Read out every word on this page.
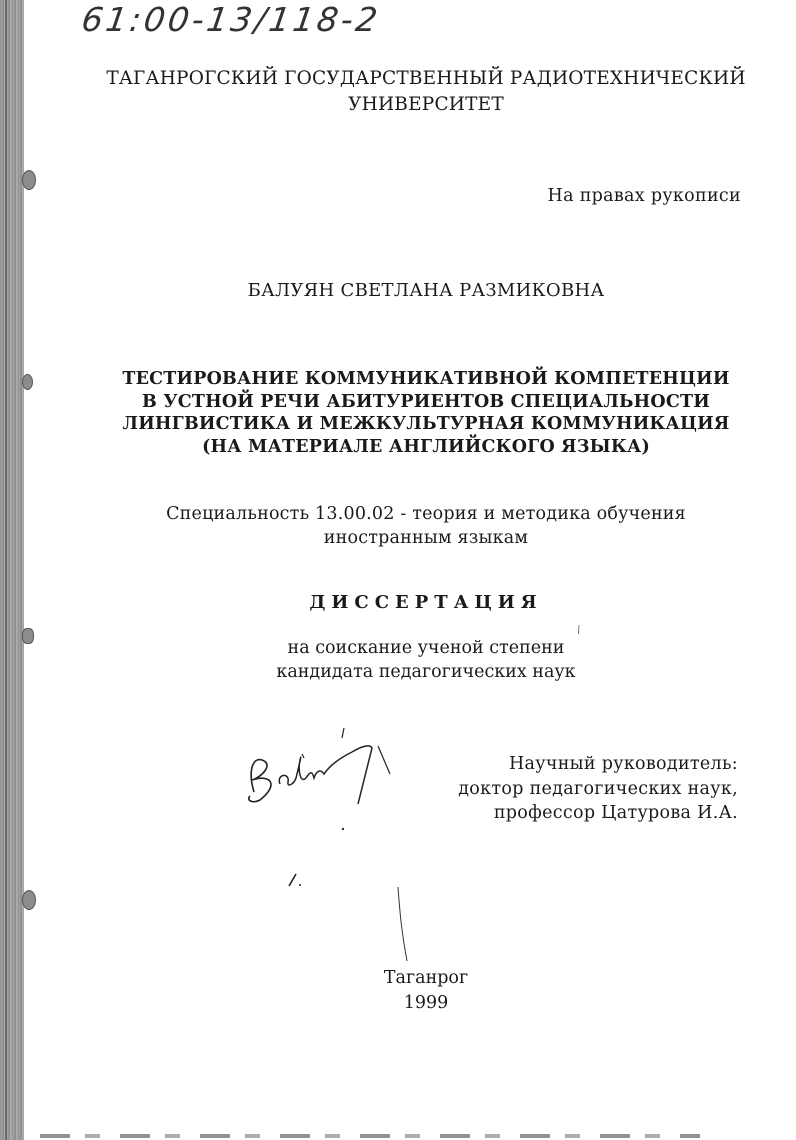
61:00-13/118-2
ТАГАНРОГСКИЙ ГОСУДАРСТВЕННЫЙ РАДИОТЕХНИЧЕСКИЙ
УНИВЕРСИТЕТ
На правах рукописи
БАЛУЯН СВЕТЛАНА РАЗМИКОВНА
ТЕСТИРОВАНИЕ КОММУНИКАТИВНОЙ КОМПЕТЕНЦИИ
В УСТНОЙ РЕЧИ АБИТУРИЕНТОВ СПЕЦИАЛЬНОСТИ
ЛИНГВИСТИКА И МЕЖКУЛЬТУРНАЯ КОММУНИКАЦИЯ
(НА МАТЕРИАЛЕ АНГЛИЙСКОГО ЯЗЫКА)
Специальность 13.00.02 - теория и методика обучения
иностранным языкам
ДИССЕРТАЦИЯ
на соискание ученой степени
кандидата педагогических наук
Научный руководитель:
доктор педагогических наук,
профессор Цатурова И.А.
Таганрог
1999
